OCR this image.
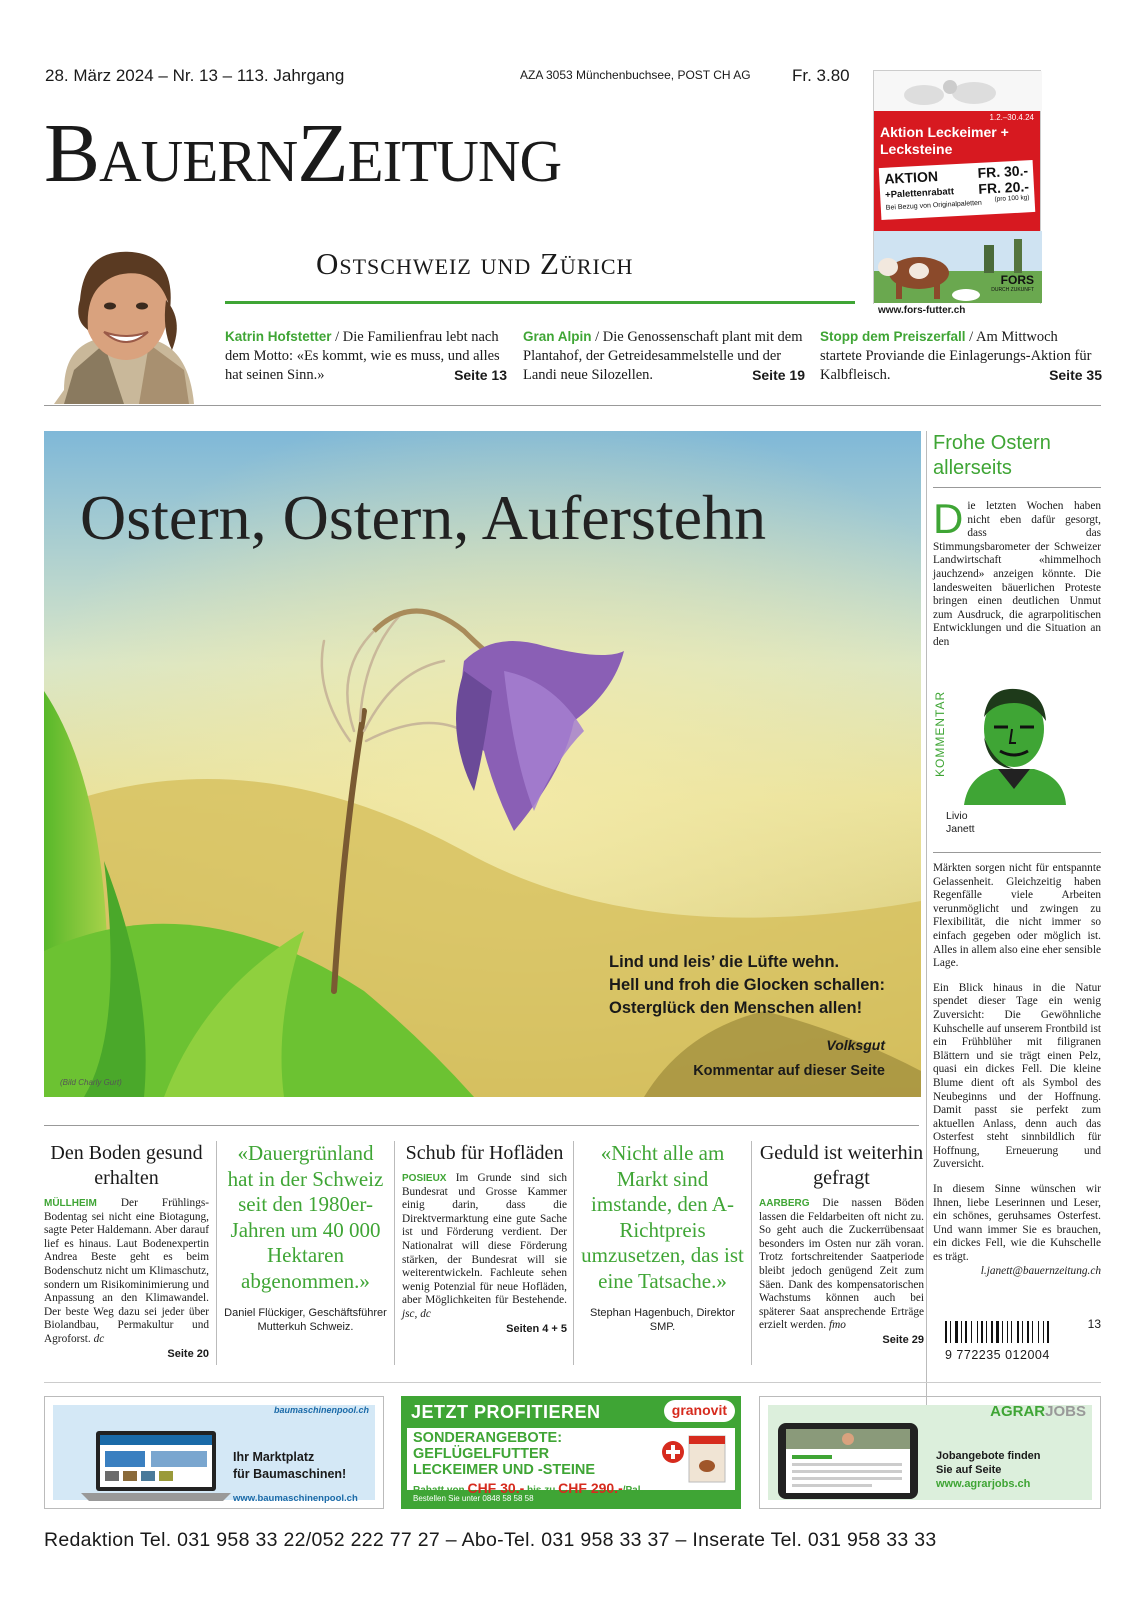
28. März 2024 – Nr. 13 – 113. Jahrgang	AZA 3053 Münchenbuchsee, POST CH AG Fr. 3.80
BauernZeitung
Ostschweiz und Zürich
Katrin Hofstetter / Die Familienfrau lebt nach dem Motto: «Es kommt, wie es muss, und alles hat seinen Sinn.»	Seite 13
Gran Alpin / Die Genossenschaft plant mit dem Plantahof, der Getreidesammelstelle und der Landi neue Silozellen.	Seite 19
Stopp dem Preiszerfall / Am Mittwoch startete Proviande die Einlagerungs-Aktion für Kalbfleisch.	Seite 35
1.2.–30.4.24
Aktion Leckeimer + Lecksteine
AKTION	FR. 30.-
+Palettenrabatt	FR. 20.-
(pro 100 kg)
Bei Bezug von Originalpaletten
FORS
DURCH ZUKUNFT
www.fors-futter.ch
Ostern, Ostern, Auferstehn
Lind und leis’ die Lüfte wehn.
Hell und froh die Glocken schallen:
Osterglück den Menschen allen!
Volksgut
Kommentar auf dieser Seite
(Bild Charly Gurt)
Frohe Ostern allerseits
Die letzten Wochen haben nicht eben dafür gesorgt, dass das Stimmungsbarometer der Schweizer Landwirtschaft «himmelhoch jauchzend» anzeigen könnte. Die landesweiten bäuerlichen Proteste bringen einen deutlichen Unmut zum Ausdruck, die agrarpolitischen Entwicklungen und die Situation an den
KOMMENTAR
Livio
Janett
Märkten sorgen nicht für entspannte Gelassenheit. Gleichzeitig haben Regenfälle viele Arbeiten verunmöglicht und zwingen zu Flexibilität, die nicht immer so einfach gegeben oder möglich ist. Alles in allem also eine eher sensible Lage.
Ein Blick hinaus in die Natur spendet dieser Tage ein wenig Zuversicht: Die Gewöhnliche Kuhschelle auf unserem Frontbild ist ein Frühblüher mit filigranen Blättern und sie trägt einen Pelz, quasi ein dickes Fell. Die kleine Blume dient oft als Symbol des Neubeginns und der Hoffnung. Damit passt sie perfekt zum aktuellen Anlass, denn auch das Osterfest steht sinnbildlich für Hoffnung, Erneuerung und Zuversicht.
In diesem Sinne wünschen wir Ihnen, liebe Leserinnen und Leser, ein schönes, geruhsames Osterfest. Und wann immer Sie es brauchen, ein dickes Fell, wie die Kuhschelle es trägt.
l.janett@bauernzeitung.ch
Den Boden gesund erhalten
MÜLLHEIM Der Frühlings-Bodentag sei nicht eine Biotagung, sagte Peter Haldemann. Aber darauf lief es hinaus. Laut Bodenexpertin Andrea Beste geht es beim Bodenschutz nicht um Klimaschutz, sondern um Risikominimierung und Anpassung an den Klimawandel. Der beste Weg dazu sei jeder über Biolandbau, Permakultur und Agroforst. dc
Seite 20
«Dauergrünland hat in der Schweiz seit den 1980er-Jahren um 40 000 Hektaren abgenommen.»
Daniel Flückiger, Geschäftsführer Mutterkuh Schweiz.
Schub für Hofläden
POSIEUX Im Grunde sind sich Bundesrat und Grosse Kammer einig darin, dass die Direktvermarktung eine gute Sache ist und Förderung verdient. Der Nationalrat will diese Förderung stärken, der Bundesrat will sie weiterentwickeln. Fachleute sehen wenig Potenzial für neue Hofläden, aber Möglichkeiten für Bestehende. jsc, dc
Seiten 4 + 5
«Nicht alle am Markt sind imstande, den A-Richtpreis umzusetzen, das ist eine Tatsache.»
Stephan Hagenbuch, Direktor SMP.
Geduld ist weiterhin gefragt
AARBERG Die nassen Böden lassen die Feldarbeiten oft nicht zu. So geht auch die Zuckerrübensaat besonders im Osten nur zäh voran. Trotz fortschreitender Saatperiode bleibt jedoch genügend Zeit zum Säen. Dank des kompensatorischen Wachstums können auch bei späterer Saat ansprechende Erträge erzielt werden. fmo
Seite 29
13
9 772235 012004
baumaschinenpool.ch
Ihr Marktplatz
für Baumaschinen!
www.baumaschinenpool.ch
JETZT PROFITIEREN	granovit
SONDERANGEBOTE:
GEFLÜGELFUTTER
LECKEIMER UND -STEINE
Rabatt von CHF 30.- bis zu CHF 290.-/Pal.
Bestellen Sie unter 0848 58 58 58
AGRARJOBS
Jobangebote finden
Sie auf Seite
www.agrarjobs.ch
Redaktion Tel. 031 958 33 22/052 222 77 27 – Abo-Tel. 031 958 33 37 – Inserate Tel. 031 958 33 33
